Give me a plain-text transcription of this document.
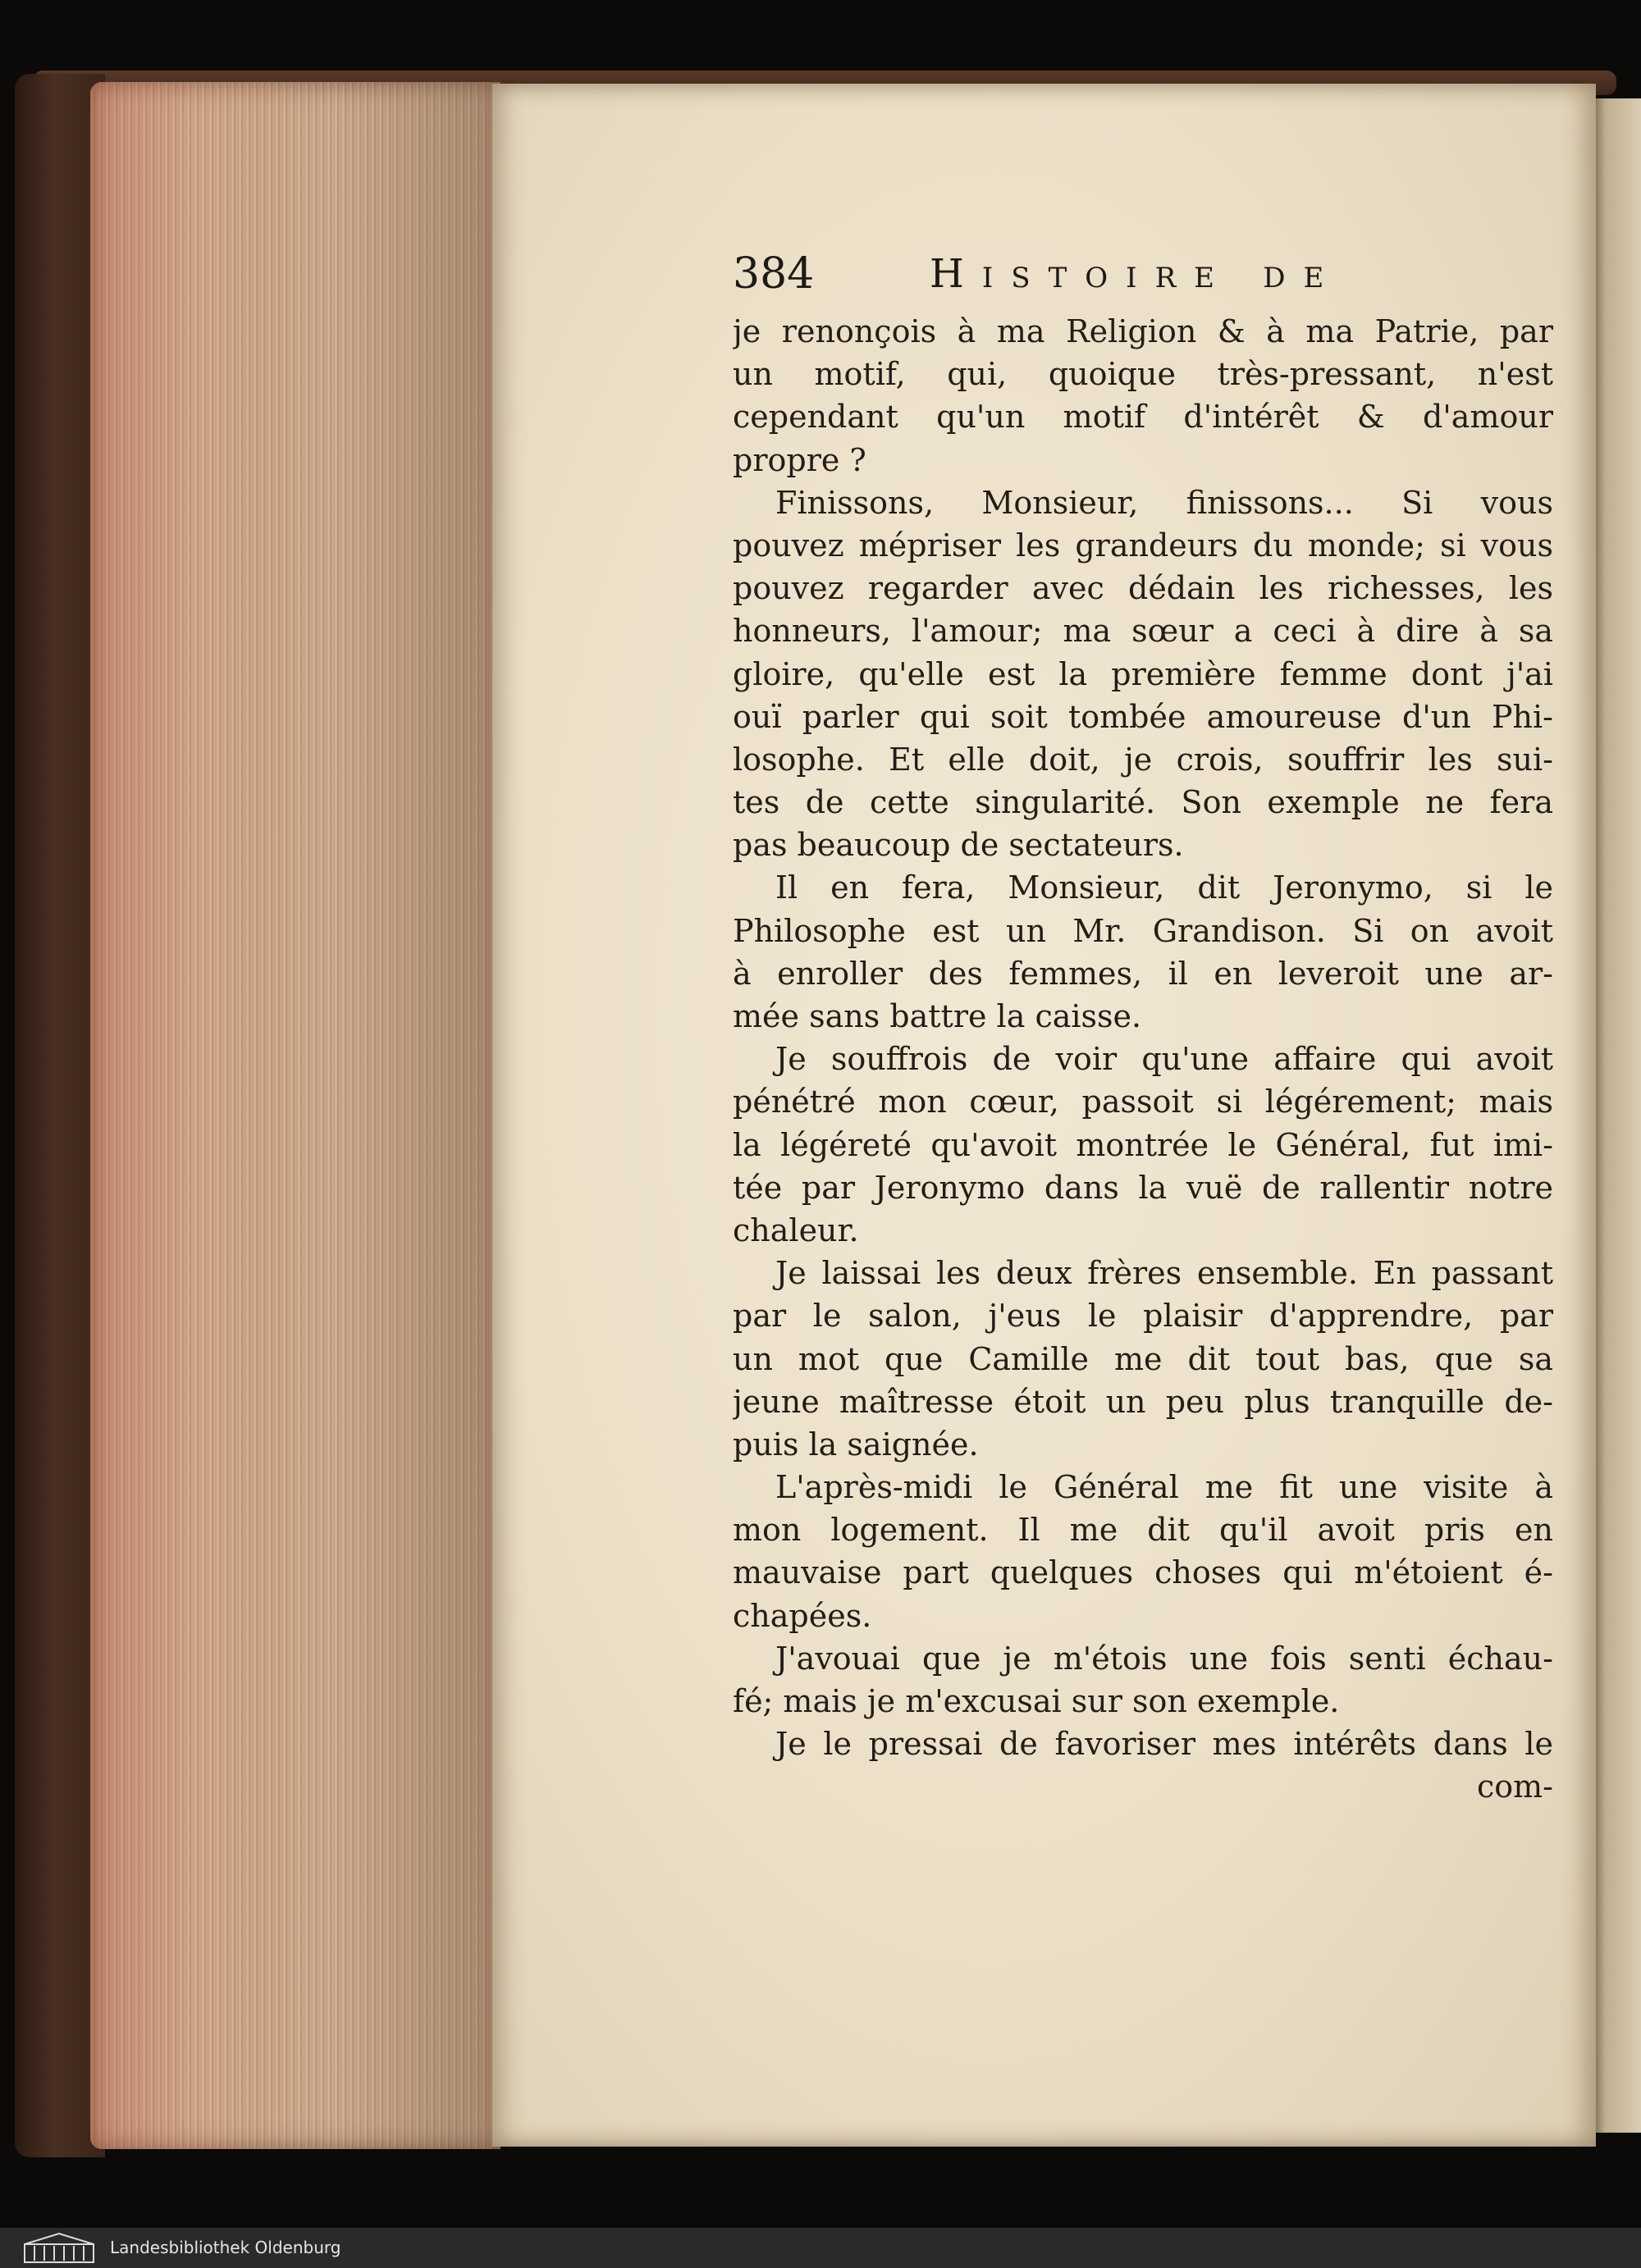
384	Histoire de
je renonçois à ma Religion & à ma Patrie, par
un motif, qui, quoique très-pressant, n'est
cependant qu'un motif d'intérêt & d'amour
propre ?
Finissons, Monsieur, finissons... Si vous
pouvez mépriser les grandeurs du monde; si vous
pouvez regarder avec dédain les richesses, les
honneurs, l'amour; ma sœur a ceci à dire à sa
gloire, qu'elle est la première femme dont j'ai
ouï parler qui soit tombée amoureuse d'un Phi-
losophe. Et elle doit, je crois, souffrir les sui-
tes de cette singularité. Son exemple ne fera
pas beaucoup de sectateurs.
Il en fera, Monsieur, dit Jeronymo, si le
Philosophe est un Mr. Grandison. Si on avoit
à enroller des femmes, il en leveroit une ar-
mée sans battre la caisse.
Je souffrois de voir qu'une affaire qui avoit
pénétré mon cœur, passoit si légérement; mais
la légéreté qu'avoit montrée le Général, fut imi-
tée par Jeronymo dans la vuë de rallentir notre
chaleur.
Je laissai les deux frères ensemble. En passant
par le salon, j'eus le plaisir d'apprendre, par
un mot que Camille me dit tout bas, que sa
jeune maîtresse étoit un peu plus tranquille de-
puis la saignée.
L'après-midi le Général me fit une visite à
mon logement. Il me dit qu'il avoit pris en
mauvaise part quelques choses qui m'étoient é-
chapées.
J'avouai que je m'étois une fois senti échau-
fé; mais je m'excusai sur son exemple.
Je le pressai de favoriser mes intérêts dans le
com-
Landesbibliothek Oldenburg
